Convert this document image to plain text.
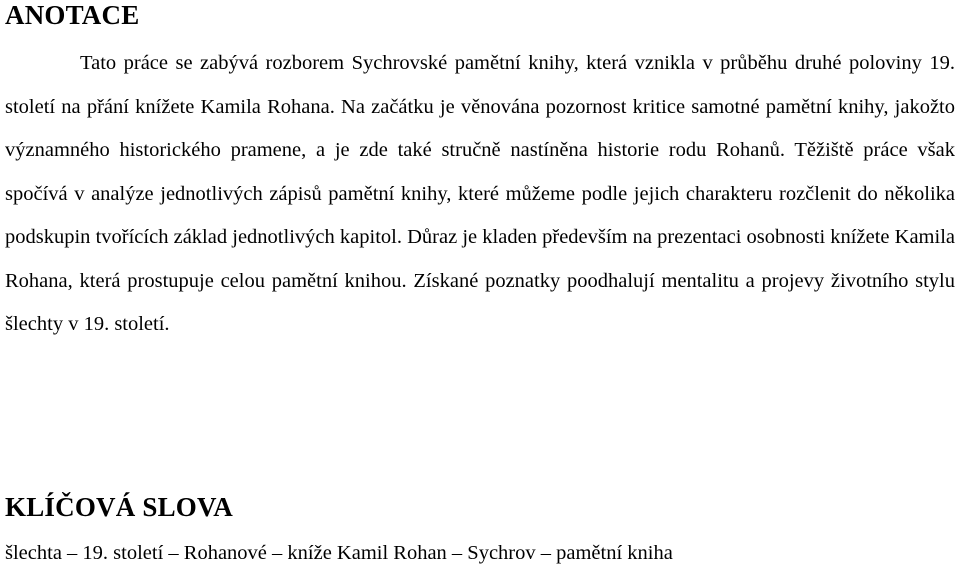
ANOTACE

Tato práce se zabývá rozborem Sychrovské pamětní knihy, která vznikla v průběhu druhé poloviny 19. století na přání knížete Kamila Rohana. Na začátku je věnována pozornost kritice samotné pamětní knihy, jakožto významného historického pramene, a je zde také stručně nastíněna historie rodu Rohanů. Těžiště práce však spočívá v analýze jednotlivých zápisů pamětní knihy, které můžeme podle jejich charakteru rozčlenit do několika podskupin tvořících základ jednotlivých kapitol. Důraz je kladen především na prezentaci osobnosti knížete Kamila Rohana, která prostupuje celou pamětní knihou. Získané poznatky poodhalují mentalitu a projevy životního stylu šlechty v 19. století.

KLÍČOVÁ SLOVA

šlechta – 19. století – Rohanové – kníže Kamil Rohan – Sychrov – pamětní kniha
